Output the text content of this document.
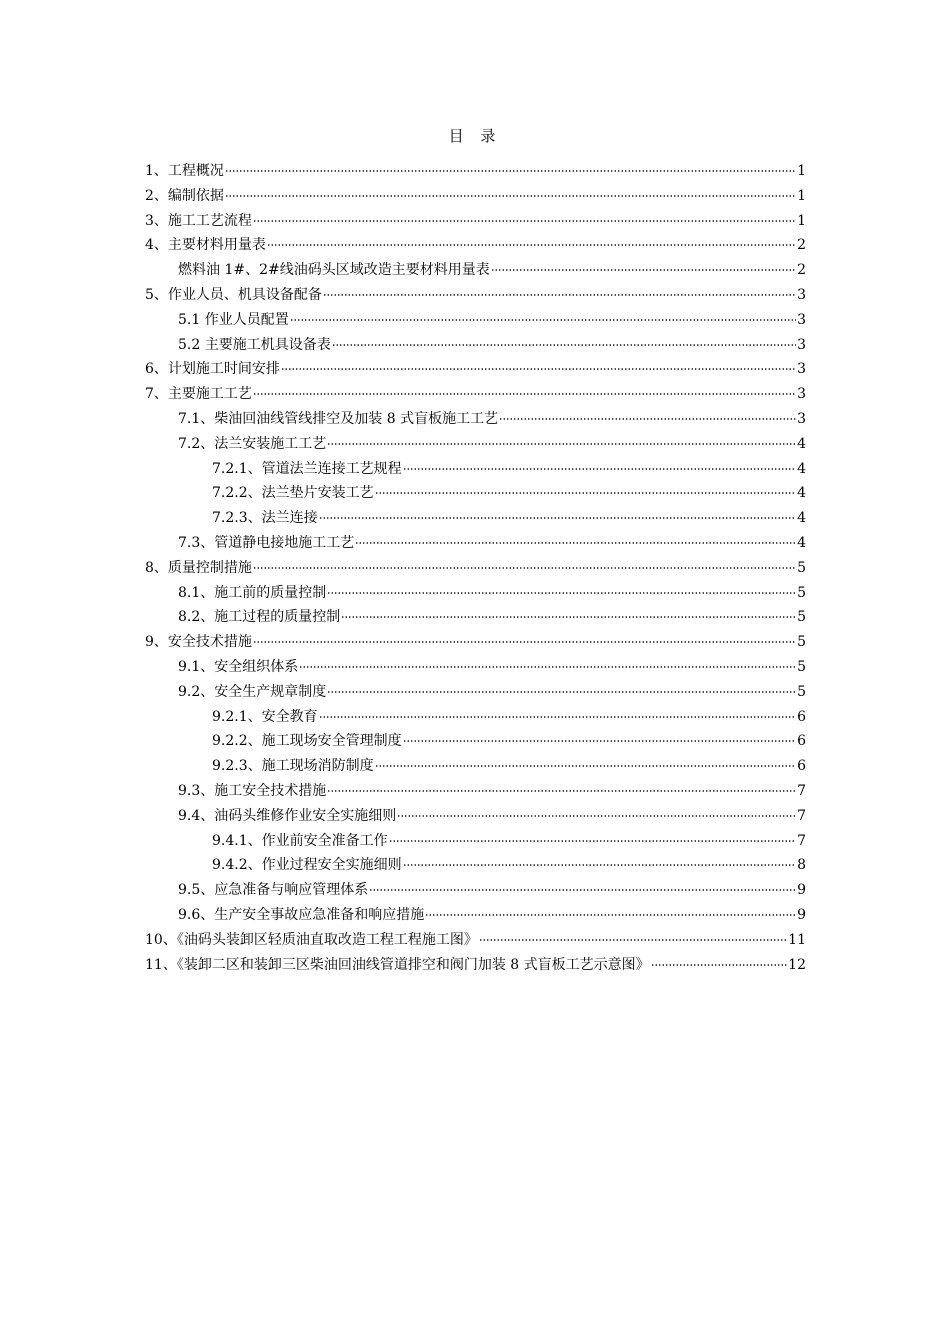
目 录
1、工程概况	1
2、编制依据	1
3、施工工艺流程	1
4、主要材料用量表	2
燃料油 1#、2#线油码头区域改造主要材料用量表	2
5、作业人员、机具设备配备	3
5.1 作业人员配置	3
5.2 主要施工机具设备表	3
6、计划施工时间安排	3
7、主要施工工艺	3
7.1、柴油回油线管线排空及加装 8 式盲板施工工艺	3
7.2、法兰安装施工工艺	4
7.2.1、管道法兰连接工艺规程	4
7.2.2、法兰垫片安装工艺	4
7.2.3、法兰连接	4
7.3、管道静电接地施工工艺	4
8、质量控制措施	5
8.1、施工前的质量控制	5
8.2、施工过程的质量控制	5
9、安全技术措施	5
9.1、安全组织体系	5
9.2、安全生产规章制度	5
9.2.1、安全教育	6
9.2.2、施工现场安全管理制度	6
9.2.3、施工现场消防制度	6
9.3、施工安全技术措施	7
9.4、油码头维修作业安全实施细则	7
9.4.1、作业前安全准备工作	7
9.4.2、作业过程安全实施细则	8
9.5、应急准备与响应管理体系	9
9.6、生产安全事故应急准备和响应措施	9
10、《油码头装卸区轻质油直取改造工程工程施工图》	11
11、《装卸二区和装卸三区柴油回油线管道排空和阀门加装 8 式盲板工艺示意图》	12
